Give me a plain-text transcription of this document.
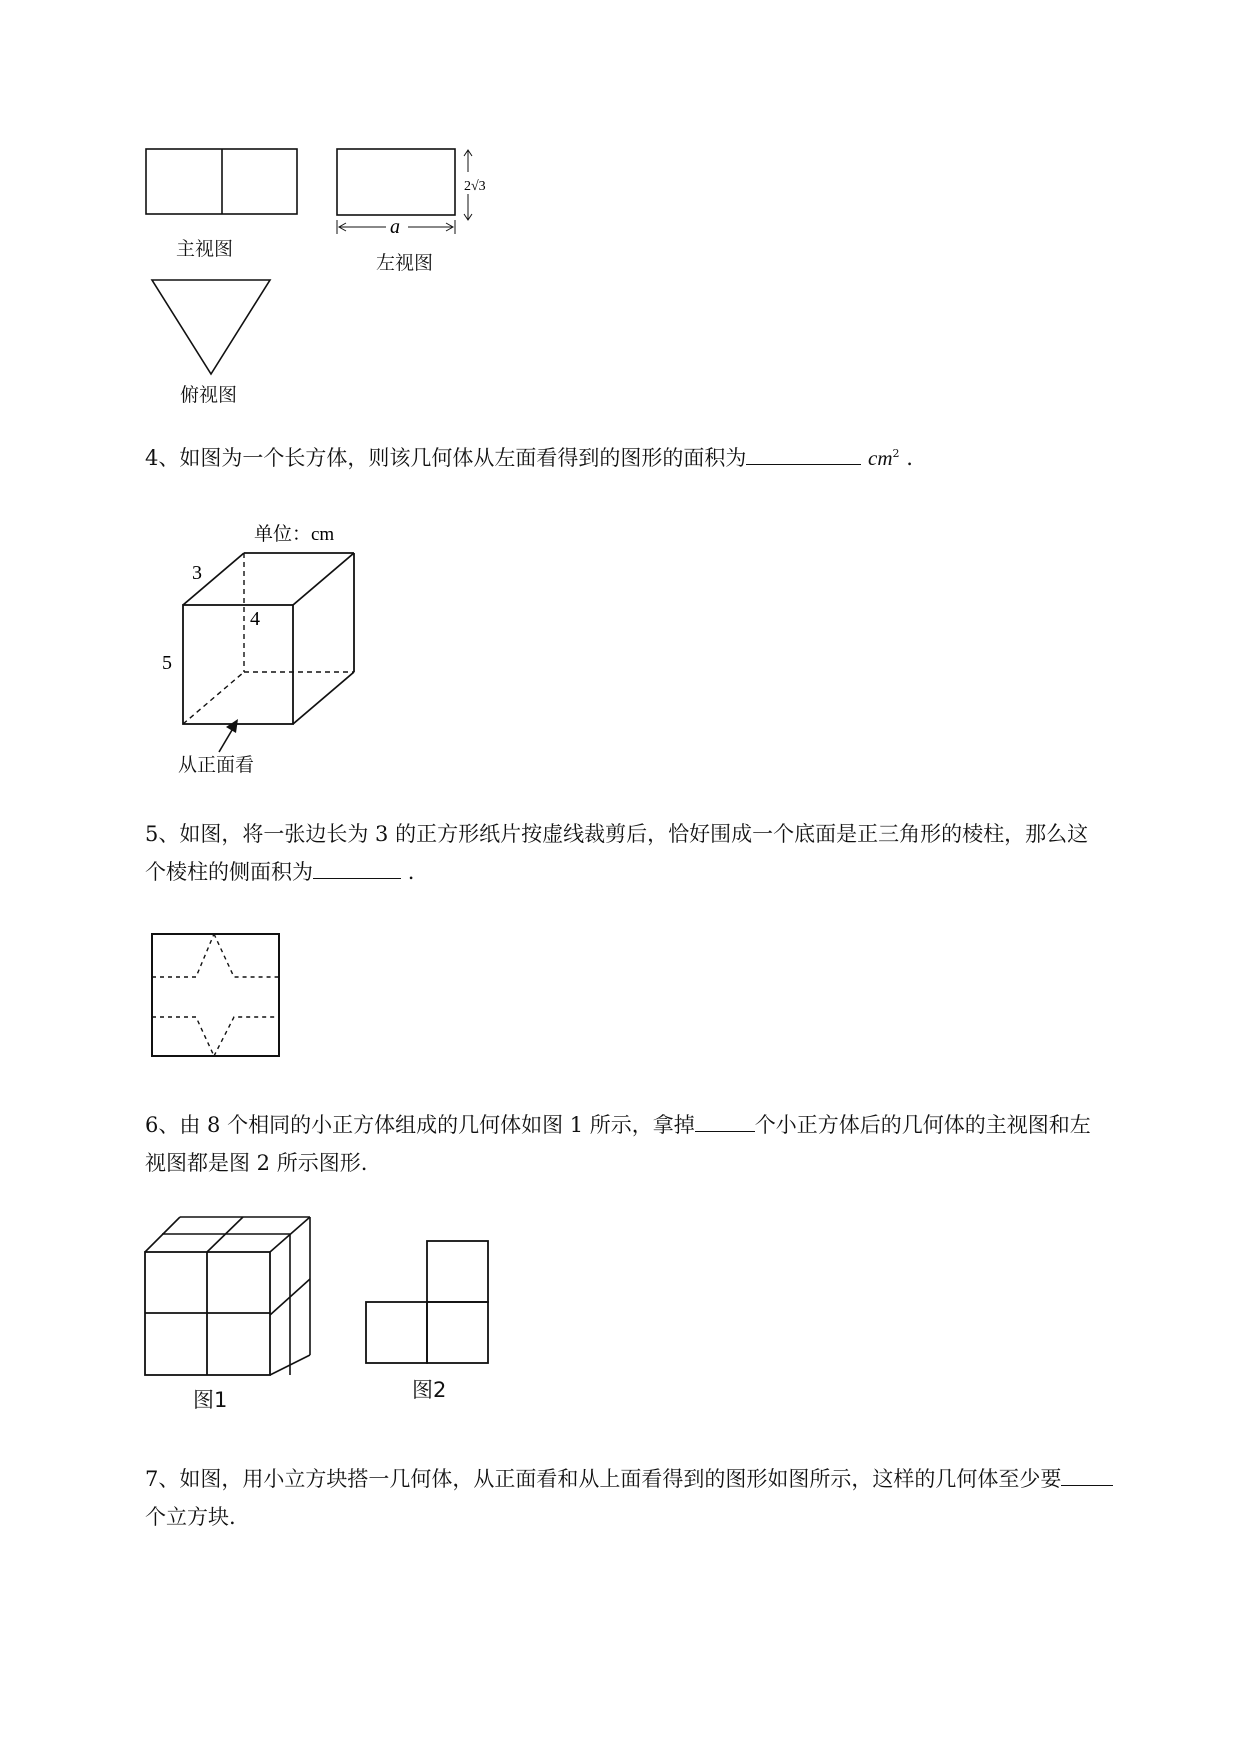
主视图
a
2√3
左视图
俯视图
4、如图为一个长方体，则该几何体从左面看得到的图形的面积为	$cm^2$ .
单位：cm
3
4
5
从正面看
5、如图，将一张边长为 3 的正方形纸片按虚线裁剪后，恰好围成一个底面是正三角形的棱柱，那么这
个棱柱的侧面积为	.
6、由 8 个相同的小正方体组成的几何体如图 1 所示，拿掉	个小正方体后的几何体的主视图和左
视图都是图 2 所示图形.
图1	图2
7、如图，用小立方块搭一几何体，从正面看和从上面看得到的图形如图所示，这样的几何体至少要
个立方块.
